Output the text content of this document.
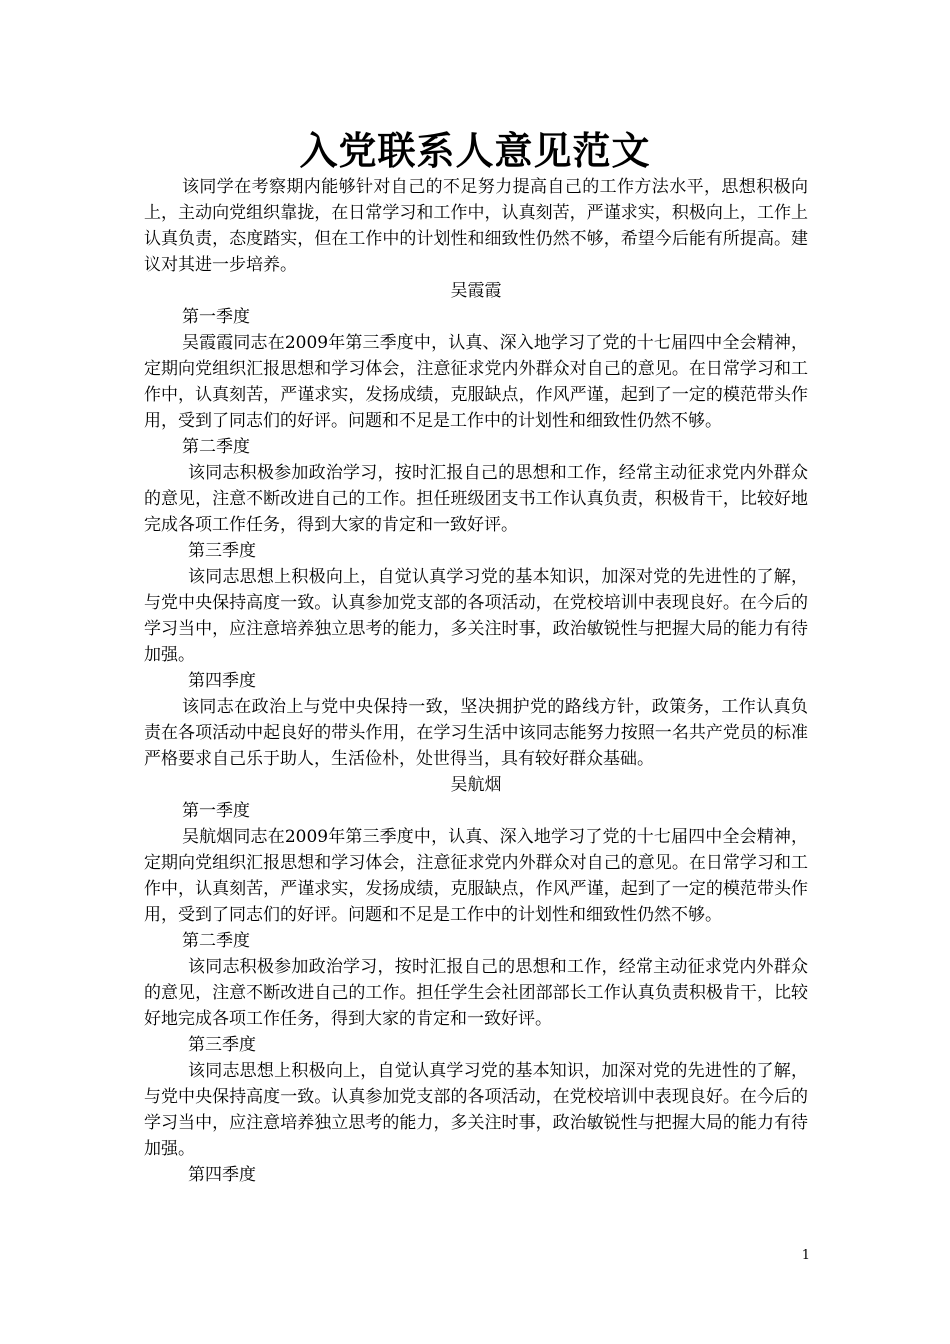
入党联系人意见范文

该同学在考察期内能够针对自己的不足努力提高自己的工作方法水平，思想积极向上，主动向党组织靠拢，在日常学习和工作中，认真刻苦，严谨求实，积极向上，工作上认真负责，态度踏实，但在工作中的计划性和细致性仍然不够，希望今后能有所提高。建议对其进一步培养。

吴霞霞

第一季度

吴霞霞同志在2009年第三季度中，认真、深入地学习了党的十七届四中全会精神，定期向党组织汇报思想和学习体会，注意征求党内外群众对自己的意见。在日常学习和工作中，认真刻苦，严谨求实，发扬成绩，克服缺点，作风严谨，起到了一定的模范带头作用，受到了同志们的好评。问题和不足是工作中的计划性和细致性仍然不够。

第二季度

该同志积极参加政治学习，按时汇报自己的思想和工作，经常主动征求党内外群众的意见，注意不断改进自己的工作。担任班级团支书工作认真负责，积极肯干，比较好地完成各项工作任务，得到大家的肯定和一致好评。

第三季度

该同志思想上积极向上，自觉认真学习党的基本知识，加深对党的先进性的了解，与党中央保持高度一致。认真参加党支部的各项活动，在党校培训中表现良好。在今后的学习当中，应注意培养独立思考的能力，多关注时事，政治敏锐性与把握大局的能力有待加强。

第四季度

该同志在政治上与党中央保持一致，坚决拥护党的路线方针，政策务，工作认真负责在各项活动中起良好的带头作用，在学习生活中该同志能努力按照一名共产党员的标准严格要求自己乐于助人，生活俭朴，处世得当，具有较好群众基础。

吴航烟

第一季度

吴航烟同志在2009年第三季度中，认真、深入地学习了党的十七届四中全会精神，定期向党组织汇报思想和学习体会，注意征求党内外群众对自己的意见。在日常学习和工作中，认真刻苦，严谨求实，发扬成绩，克服缺点，作风严谨，起到了一定的模范带头作用，受到了同志们的好评。问题和不足是工作中的计划性和细致性仍然不够。

第二季度

该同志积极参加政治学习，按时汇报自己的思想和工作，经常主动征求党内外群众的意见，注意不断改进自己的工作。担任学生会社团部部长工作认真负责积极肯干，比较好地完成各项工作任务，得到大家的肯定和一致好评。

第三季度

该同志思想上积极向上，自觉认真学习党的基本知识，加深对党的先进性的了解，与党中央保持高度一致。认真参加党支部的各项活动，在党校培训中表现良好。在今后的学习当中，应注意培养独立思考的能力，多关注时事，政治敏锐性与把握大局的能力有待加强。

第四季度

1
